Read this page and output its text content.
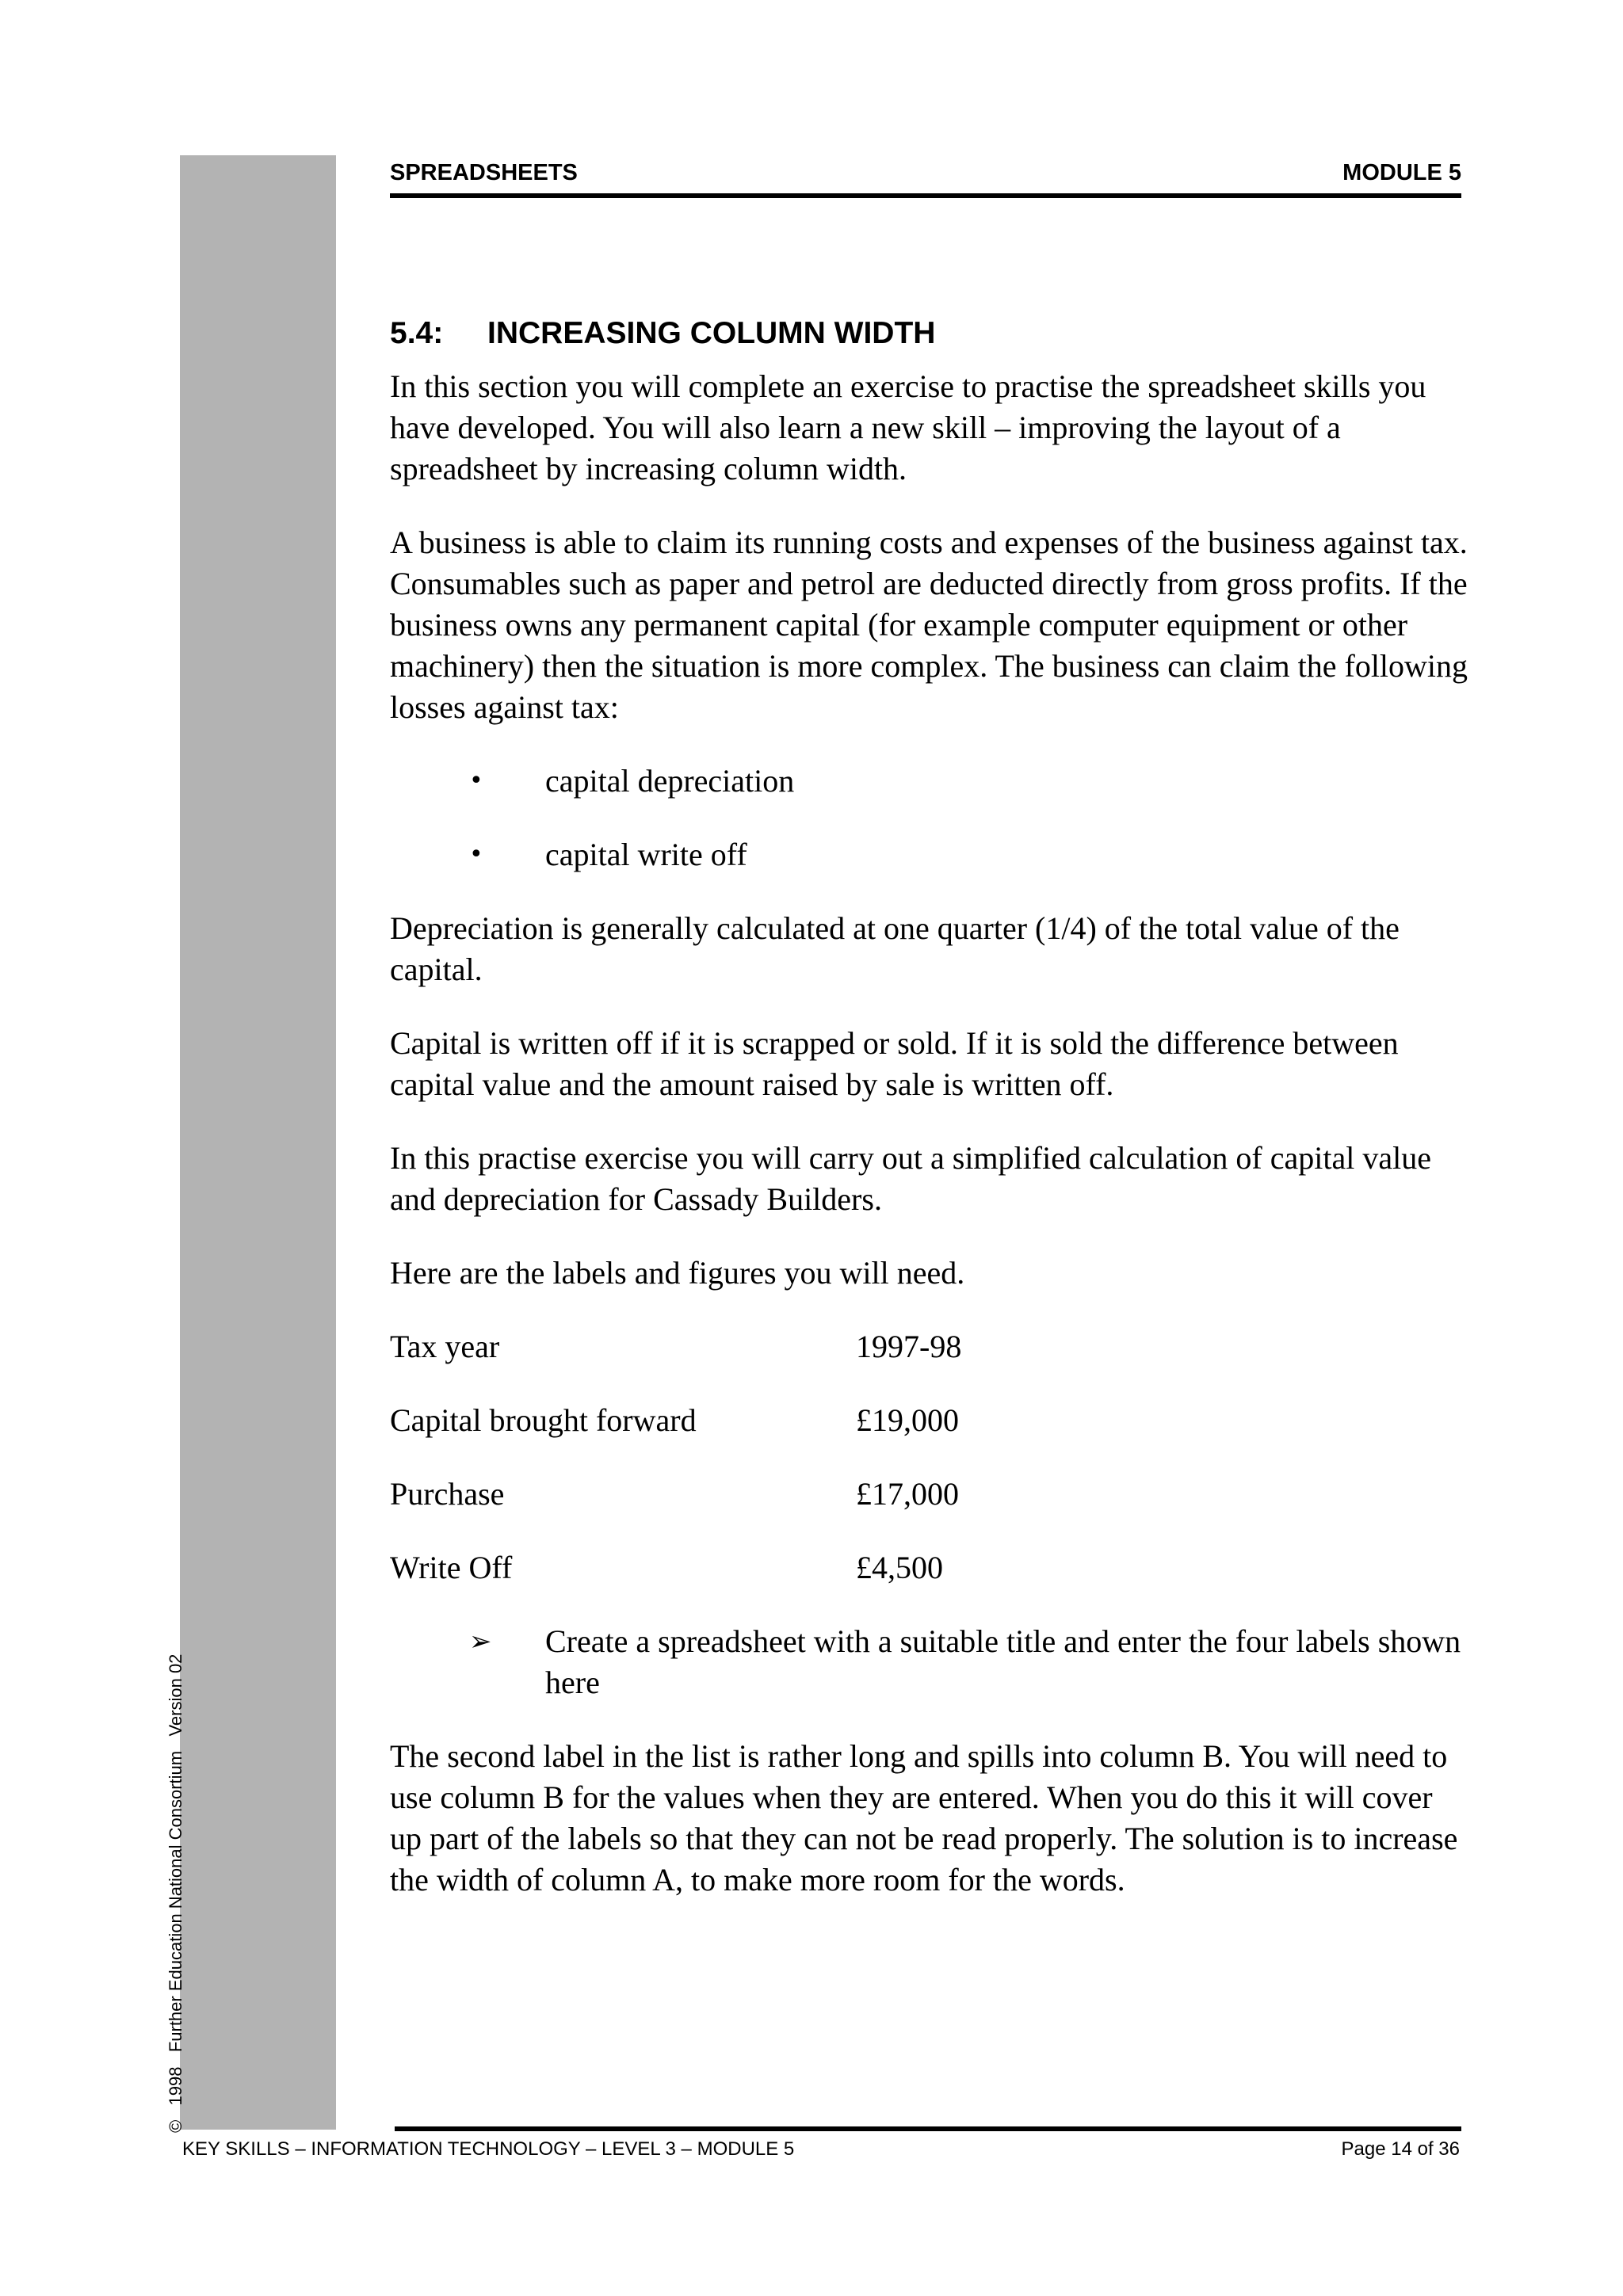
©   1998   Further Education National Consortium   Version 02
SPREADSHEETS	MODULE 5
5.4: INCREASING COLUMN WIDTH

In this section you will complete an exercise to practise the spreadsheet skills you have developed. You will also learn a new skill – improving the layout of a spreadsheet by increasing column width.

A business is able to claim its running costs and expenses of the business against tax. Consumables such as paper and petrol are deducted directly from gross profits. If the business owns any permanent capital (for example computer equipment or other machinery) then the situation is more complex. The business can claim the following losses against tax:

• capital depreciation
• capital write off

Depreciation is generally calculated at one quarter (1/4) of the total value of the capital.

Capital is written off if it is scrapped or sold. If it is sold the difference between capital value and the amount raised by sale is written off.

In this practise exercise you will carry out a simplified calculation of capital value and depreciation for Cassady Builders.

Here are the labels and figures you will need.

Tax year	1997-98
Capital brought forward	£19,000
Purchase	£17,000
Write Off	£4,500
➢ Create a spreadsheet with a suitable title and enter the four labels shown here

The second label in the list is rather long and spills into column B. You will need to use column B for the values when they are entered. When you do this it will cover up part of the labels so that they can not be read properly. The solution is to increase the width of column A, to make more room for the words.

KEY SKILLS – INFORMATION TECHNOLOGY – LEVEL 3 – MODULE 5	Page 14 of 36
